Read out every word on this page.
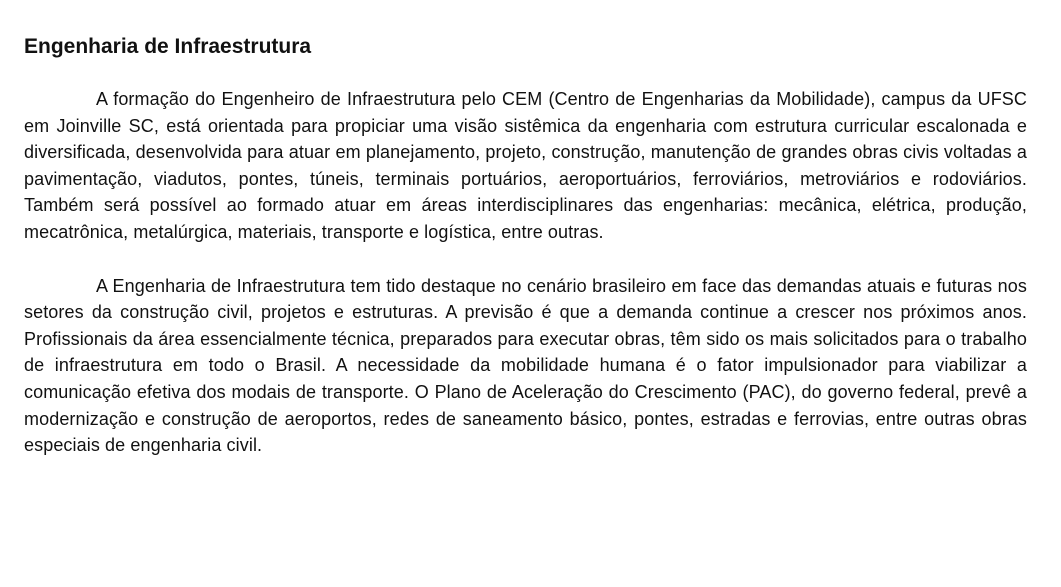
Engenharia de Infraestrutura

A formação do Engenheiro de Infraestrutura pelo CEM (Centro de Engenharias da Mobilidade), campus da UFSC em Joinville SC, está orientada para propiciar uma visão sistêmica da engenharia com estrutura curricular escalonada e diversificada, desenvolvida para atuar em planejamento, projeto, construção, manutenção de grandes obras civis voltadas a pavimentação, viadutos, pontes, túneis, terminais portuários, aeroportuários, ferroviários, metroviários e rodoviários. Também será possível ao formado atuar em áreas interdisciplinares das engenharias: mecânica, elétrica, produção, mecatrônica, metalúrgica, materiais, transporte e logística, entre outras.

A Engenharia de Infraestrutura tem tido destaque no cenário brasileiro em face das demandas atuais e futuras nos setores da construção civil, projetos e estruturas. A previsão é que a demanda continue a crescer nos próximos anos. Profissionais da área essencialmente técnica, preparados para executar obras, têm sido os mais solicitados para o trabalho de infraestrutura em todo o Brasil. A necessidade da mobilidade humana é o fator impulsionador para viabilizar a comunicação efetiva dos modais de transporte. O Plano de Aceleração do Crescimento (PAC), do governo federal, prevê a modernização e construção de aeroportos, redes de saneamento básico, pontes, estradas e ferrovias, entre outras obras especiais de engenharia civil.
